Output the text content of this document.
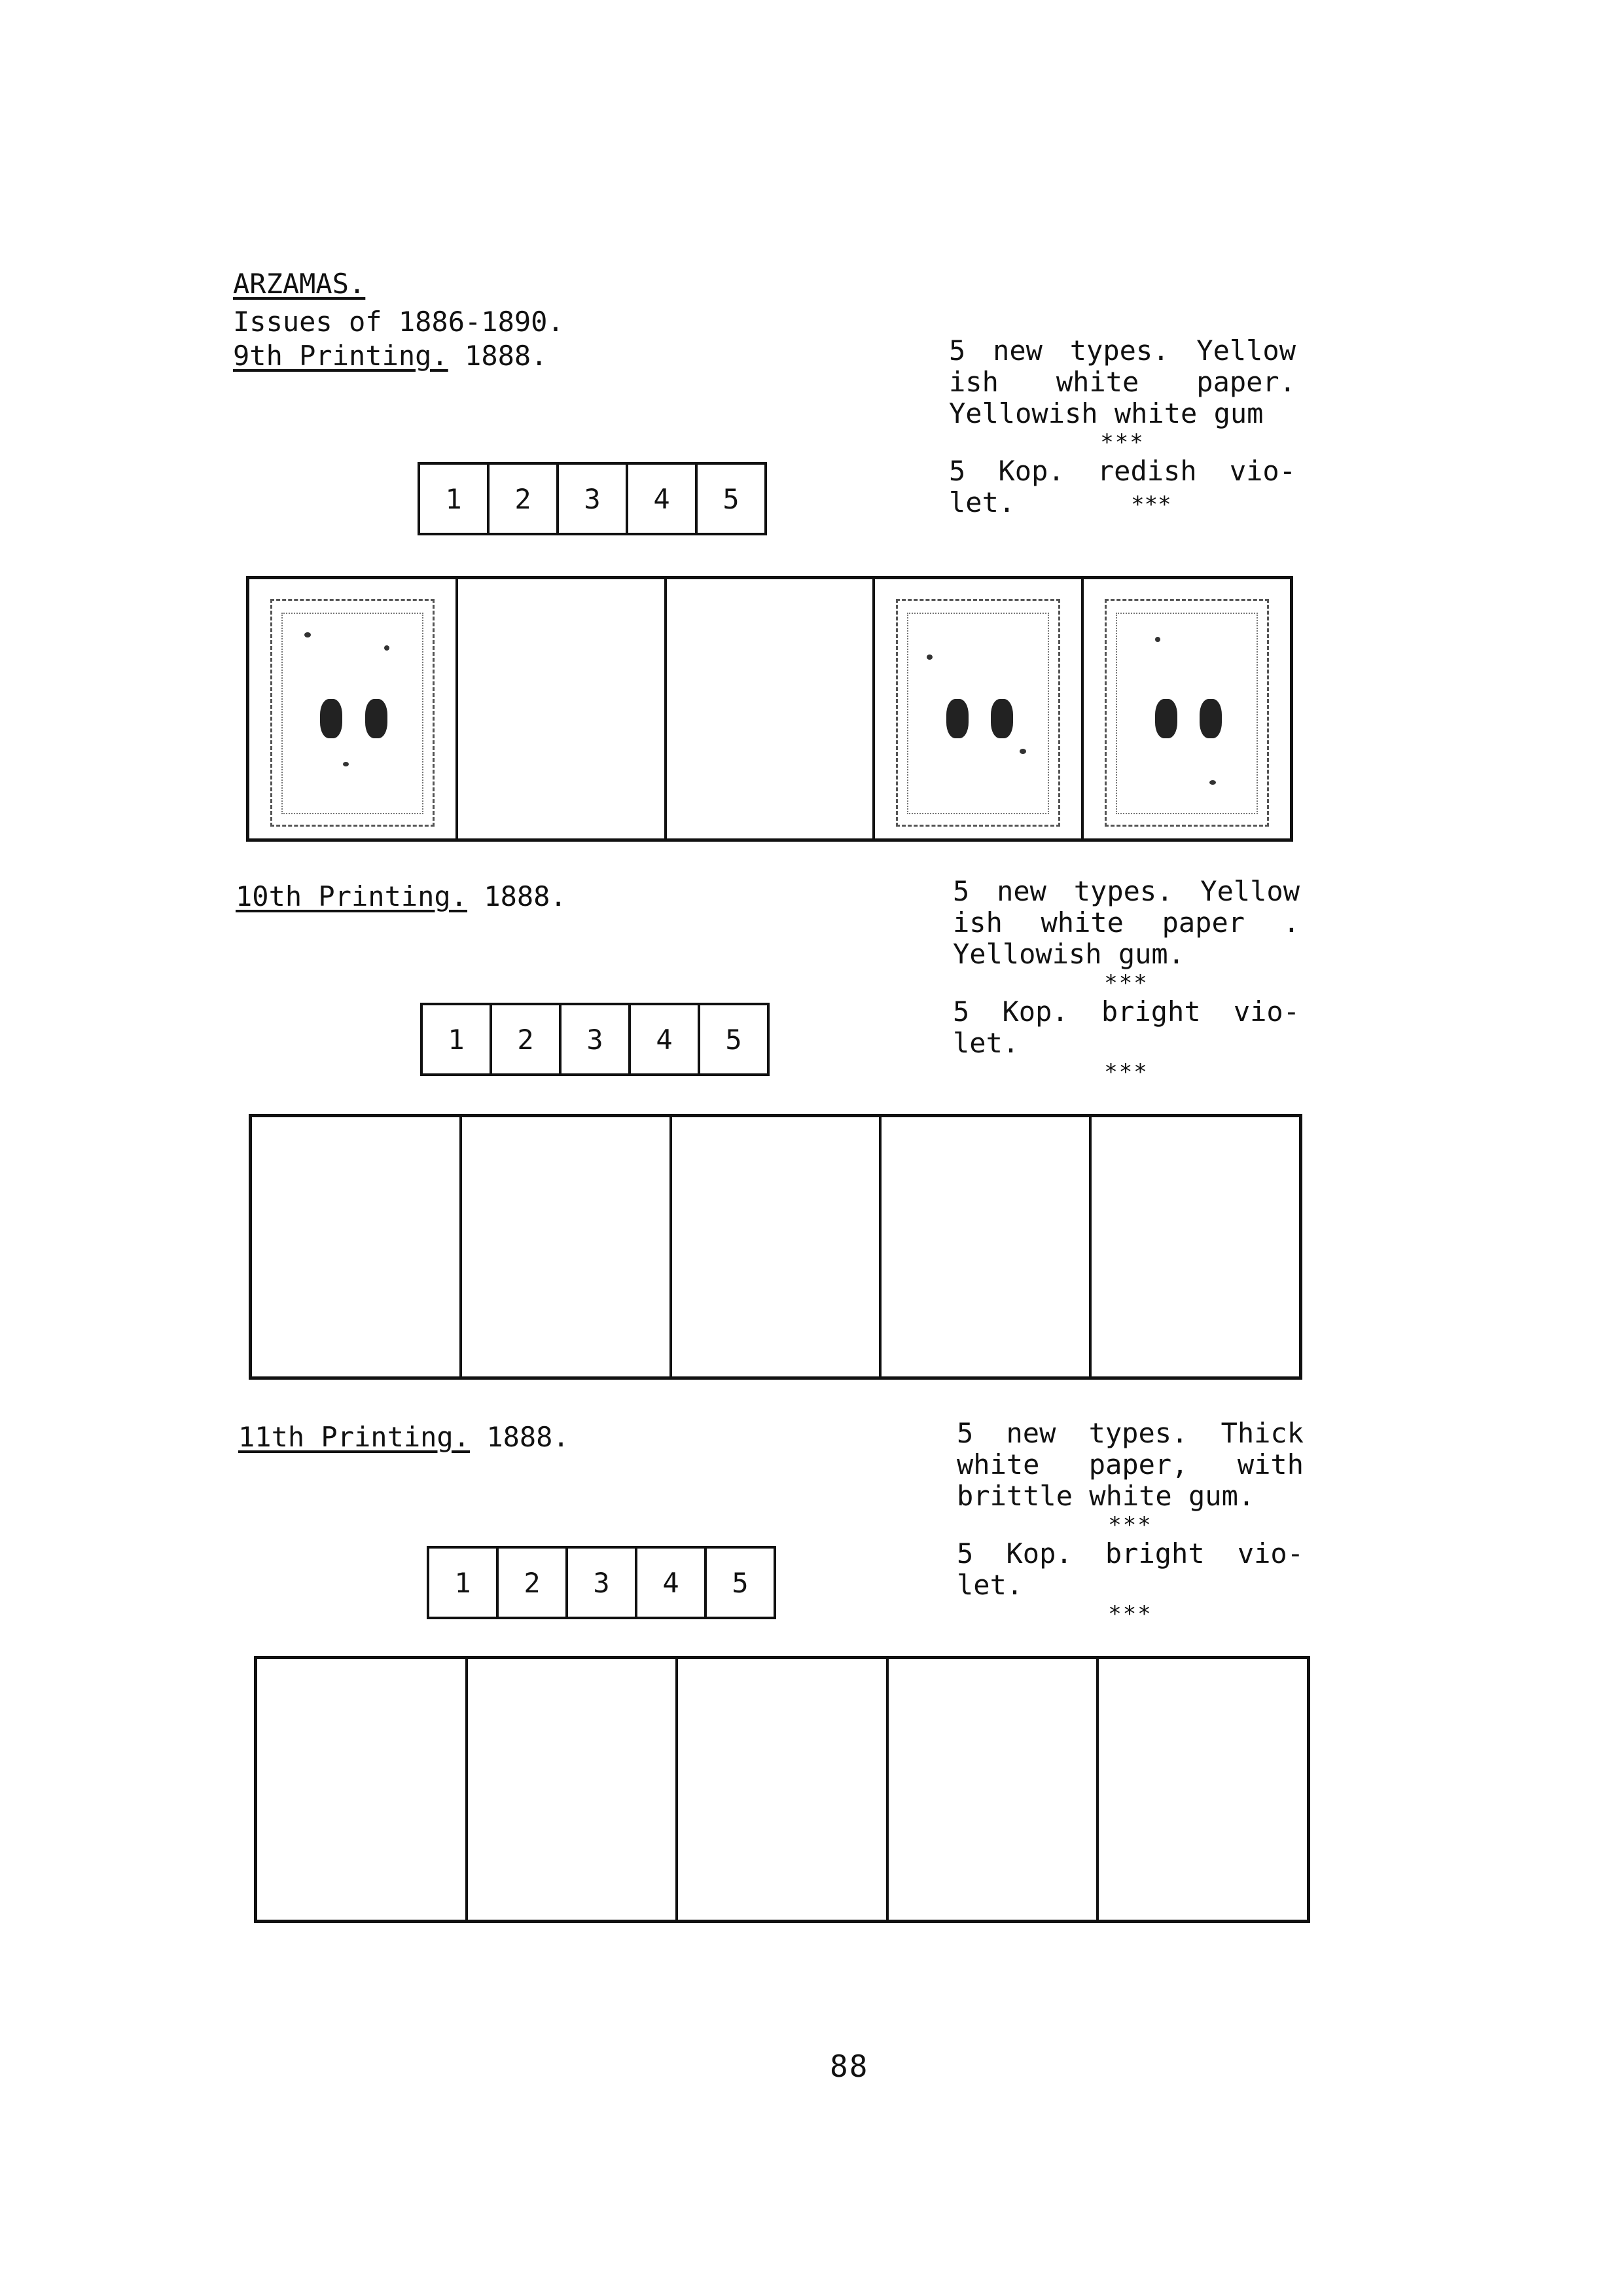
ARZAMAS.
Issues of 1886-1890.
9th Printing. 1888.	5 new types. Yellow
ish white paper.
Yellowish white gum
***
5 Kop. redish vio-
let.	***
1	2	3	4	5
10th Printing. 1888.	5 new types. Yellow
ish white paper .
Yellowish gum.
***
5 Kop. bright vio-
let.
***
1	2	3	4	5
11th Printing. 1888.	5 new types. Thick
white paper, with
brittle white gum.
***
5 Kop. bright vio-
let.
***
1	2	3	4	5
88
